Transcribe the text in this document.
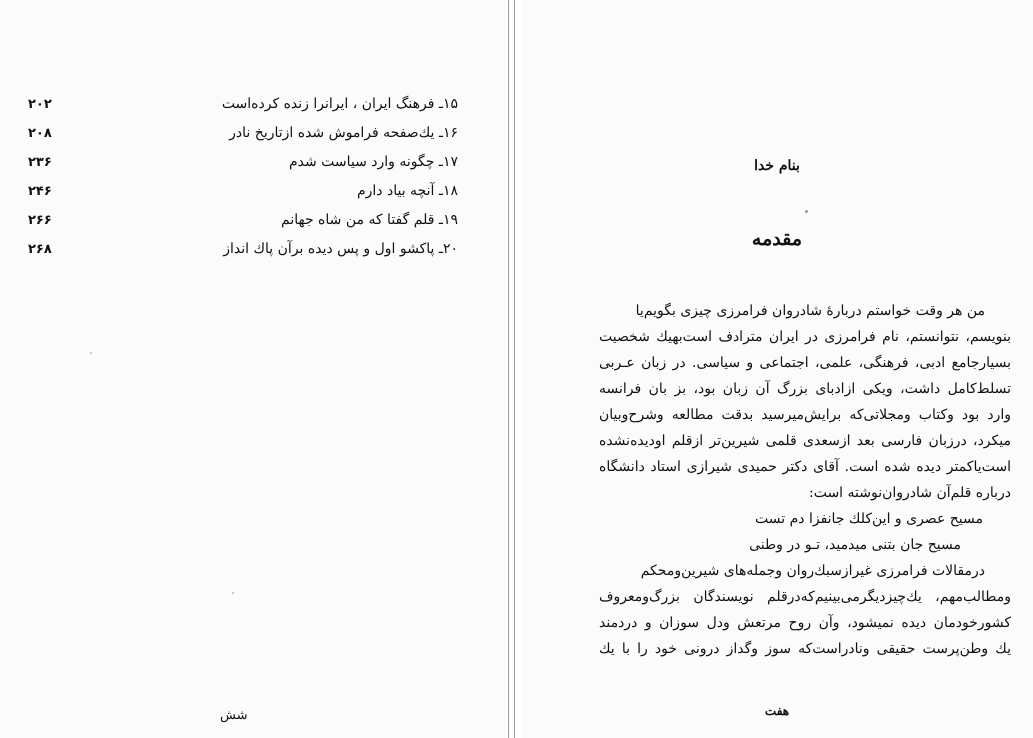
۱۵ـ فرهنگ ایران ، ایرانرا زنده کرده‌است
۲۰۲
۱۶ـ یك‌صفحه فراموش شده ازتاریخ نادر
۲۰۸
۱۷ـ چگونه وارد سیاست شدم
۲۳۶
۱۸ـ آنچه بیاد دارم
۲۴۶
۱۹ـ قلم گفتا که من شاه جهانم
۲۶۶
۲۰ـ پاکشو اول و پس دیده برآن پاك انداز
۲۶۸
شش
بنام خدا
مقدمه
من هر وقت خواستم دربارهٔ شادروان فرامرزی چیزی بگویم‌یا
بنویسم، نتوانستم، نام فرامرزی در ایران مترادف است‌بهیك شخصیت
بسیارجامع ادبی، فرهنگی، علمی، اجتماعی و سیاسی. در زبان عـربی
تسلط‌کامل داشت، ویکی ازادبای بزرگ آن زبان بود، بز بان فرانسه
وارد بود وکتاب ومجلاتی‌که برایش‌میرسید بدقت مطالعه وشرح‌وبیان
میکرد، درزبان فارسی بعد ازسعدی قلمی شیرین‌تر ازقلم اودیده‌نشده
است‌یاکمتر دیده شده است. آقای دکتر حمیدی شیرازی استاد دانشگاه
درباره قلم‌آن شادروان‌نوشته است:
مسیح عصری و این‌کلك جانفزا دم تست
مسیح جان بتنی میدمید، تـو در وطنی
درمقالات فرامرزی غیرازسبك‌روان وجمله‌های شیرین‌ومحکم
ومطالب‌مهم، یك‌چیزدیگرمی‌بینیم‌که‌درقلم نویسندگان بزرگ‌ومعروف
کشورخودمان دیده نمیشود، وآن روح مرتعش ودل سوزان و دردمند
یك وطن‌پرست حقیقی ونادراست‌که سوز وگداز درونی خود را با یك
هفت
